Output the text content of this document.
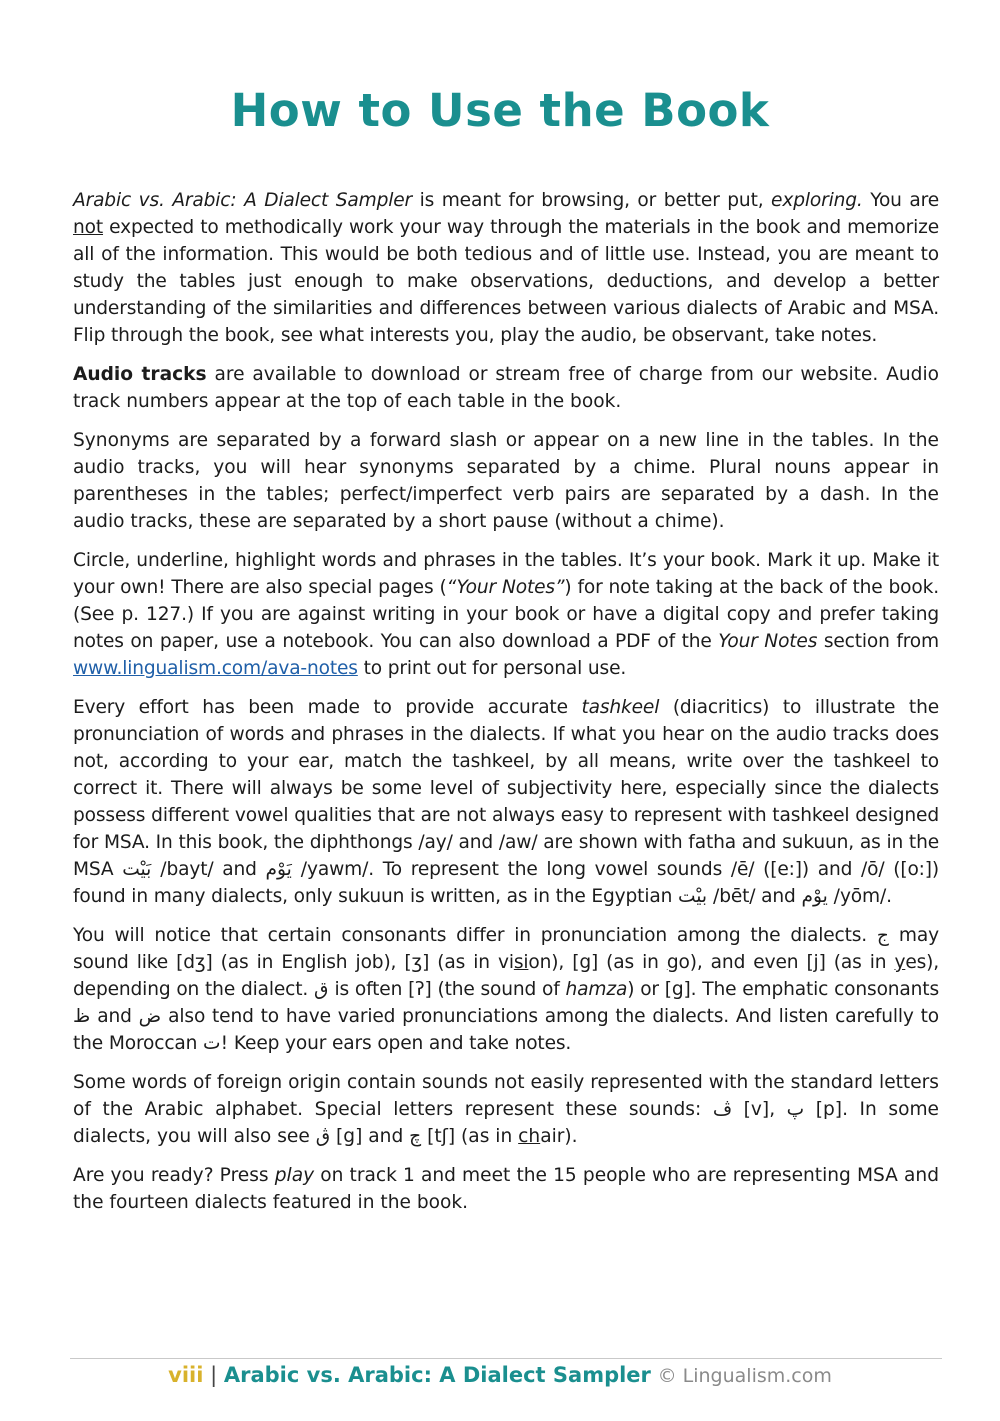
How to Use the Book

Arabic vs. Arabic: A Dialect Sampler is meant for browsing, or better put, exploring. You are not expected to methodically work your way through the materials in the book and memorize all of the information. This would be both tedious and of little use. Instead, you are meant to study the tables just enough to make observations, deductions, and develop a better understanding of the similarities and differences between various dialects of Arabic and MSA. Flip through the book, see what interests you, play the audio, be observant, take notes.

Audio tracks are available to download or stream free of charge from our website. Audio track numbers appear at the top of each table in the book.

Synonyms are separated by a forward slash or appear on a new line in the tables. In the audio tracks, you will hear synonyms separated by a chime. Plural nouns appear in parentheses in the tables; perfect/imperfect verb pairs are separated by a dash. In the audio tracks, these are separated by a short pause (without a chime).

Circle, underline, highlight words and phrases in the tables. It’s your book. Mark it up. Make it your own! There are also special pages (“Your Notes”) for note taking at the back of the book. (See p. 127.) If you are against writing in your book or have a digital copy and prefer taking notes on paper, use a notebook. You can also download a PDF of the Your Notes section from www.lingualism.com/ava-notes to print out for personal use.

Every effort has been made to provide accurate tashkeel (diacritics) to illustrate the pronunciation of words and phrases in the dialects. If what you hear on the audio tracks does not, according to your ear, match the tashkeel, by all means, write over the tashkeel to correct it. There will always be some level of subjectivity here, especially since the dialects possess different vowel qualities that are not always easy to represent with tashkeel designed for MSA. In this book, the diphthongs /ay/ and /aw/ are shown with fatha and sukuun, as in the MSA بَيْت /bayt/ and يَوْم /yawm/. To represent the long vowel sounds /ē/ ([e:]) and /ō/ ([o:]) found in many dialects, only sukuun is written, as in the Egyptian بيْت /bēt/ and يوْم /yōm/.

You will notice that certain consonants differ in pronunciation among the dialects. ج may sound like [dʒ] (as in English job), [ʒ] (as in vision), [g] (as in go), and even [j] (as in yes), depending on the dialect. ق is often [ʔ] (the sound of hamza) or [g]. The emphatic consonants ظ and ض also tend to have varied pronunciations among the dialects. And listen carefully to the Moroccan ت! Keep your ears open and take notes.

Some words of foreign origin contain sounds not easily represented with the standard letters of the Arabic alphabet. Special letters represent these sounds: ڤ [v], پ [p]. In some dialects, you will also see ڨ [g] and چ [tʃ] (as in chair).

Are you ready? Press play on track 1 and meet the 15 people who are representing MSA and the fourteen dialects featured in the book.

viii | Arabic vs. Arabic: A Dialect Sampler © Lingualism.com
